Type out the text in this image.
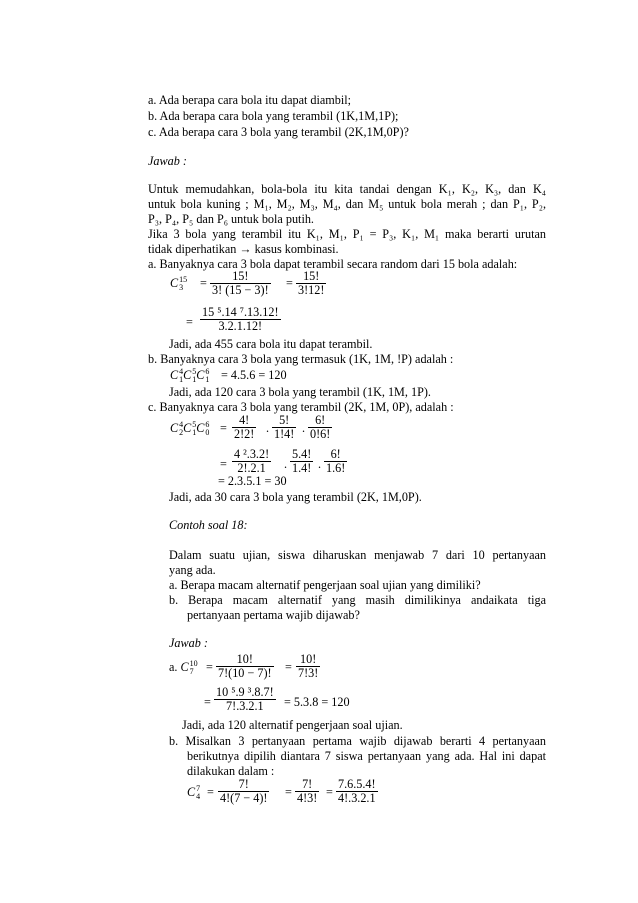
a. Ada berapa cara bola itu dapat diambil;
b. Ada berapa cara bola yang terambil (1K,1M,1P);
c. Ada berapa cara 3 bola yang terambil (2K,1M,0P)?
Jawab :
Untuk memudahkan, bola-bola itu kita tandai dengan K₁, K₂, K₃, dan K₄
untuk bola kuning ; M₁, M₂, M₃, M₄, dan M₅ untuk bola merah ; dan P₁, P₂,
P₃, P₄, P₅ dan P₆ untuk bola putih.
Jika 3 bola yang terambil itu K₁, M₁, P₁ = P₃, K₁, M₁ maka berarti urutan
tidak diperhatikan → kasus kombinasi.
a. Banyaknya cara 3 bola dapat terambil secara random dari 15 bola adalah:
C 15
3	= $\frac{15!}{3! (15 - 3)!} = \frac{15!}{3!12!}$
= $\frac{\text{15 ⁵.14 ⁷.13.12!}}{3.2.1.12!}$
Jadi, ada 455 cara bola itu dapat terambil.
b. Banyaknya cara 3 bola yang termasuk (1K, 1M, !P) adalah :
C 4
1 C 5
1 C 6
1 = 4.5.6 = 120
Jadi, ada 120 cara 3 bola yang terambil (1K, 1M, 1P).
c. Banyaknya cara 3 bola yang terambil (2K, 1M, 0P), adalah :
C 4
2 C 5
1 C 6
$0 = \frac{4!}{2!2!}$ . $\frac{5!}{1!4!}$ . $\frac{6!}{0!6!}$
= $\frac{\text{4 ².3.2!}}{2!.2.1}$ . $\frac{5.4!}{1.4!}$ . $\frac{6!}{1.6!}$
= 2.3.5.1 = 30
Jadi, ada 30 cara 3 bola yang terambil (2K, 1M,0P).
Contoh soal 18:
Dalam suatu ujian, siswa diharuskan menjawab 7 dari 10 pertanyaan
yang ada.
a. Berapa macam alternatif pengerjaan soal ujian yang dimiliki?
b. Berapa macam alternatif yang masih dimilikinya andaikata tiga
pertanyaan pertama wajib dijawab?
Jawab :
a. C 10
7	= $\frac{10!}{7!(10 - 7)!} = \frac{10!}{7!3!}$
= $\frac{\text{10 ⁵.9 ³.8.7!}}{7!.3.2.1} = 5.3.8 = 120$
Jadi, ada 120 alternatif pengerjaan soal ujian.
b. Misalkan 3 pertanyaan pertama wajib dijawab berarti 4 pertanyaan
berikutnya dipilih diantara 7 siswa pertanyaan yang ada. Hal ini dapat
dilakukan dalam :
C 7
$4 = \frac{7!}{4!(7 - 4)!} = \frac{7!}{4!3!} = \frac{7.6.5.4!}{4!.3.2.1}$
